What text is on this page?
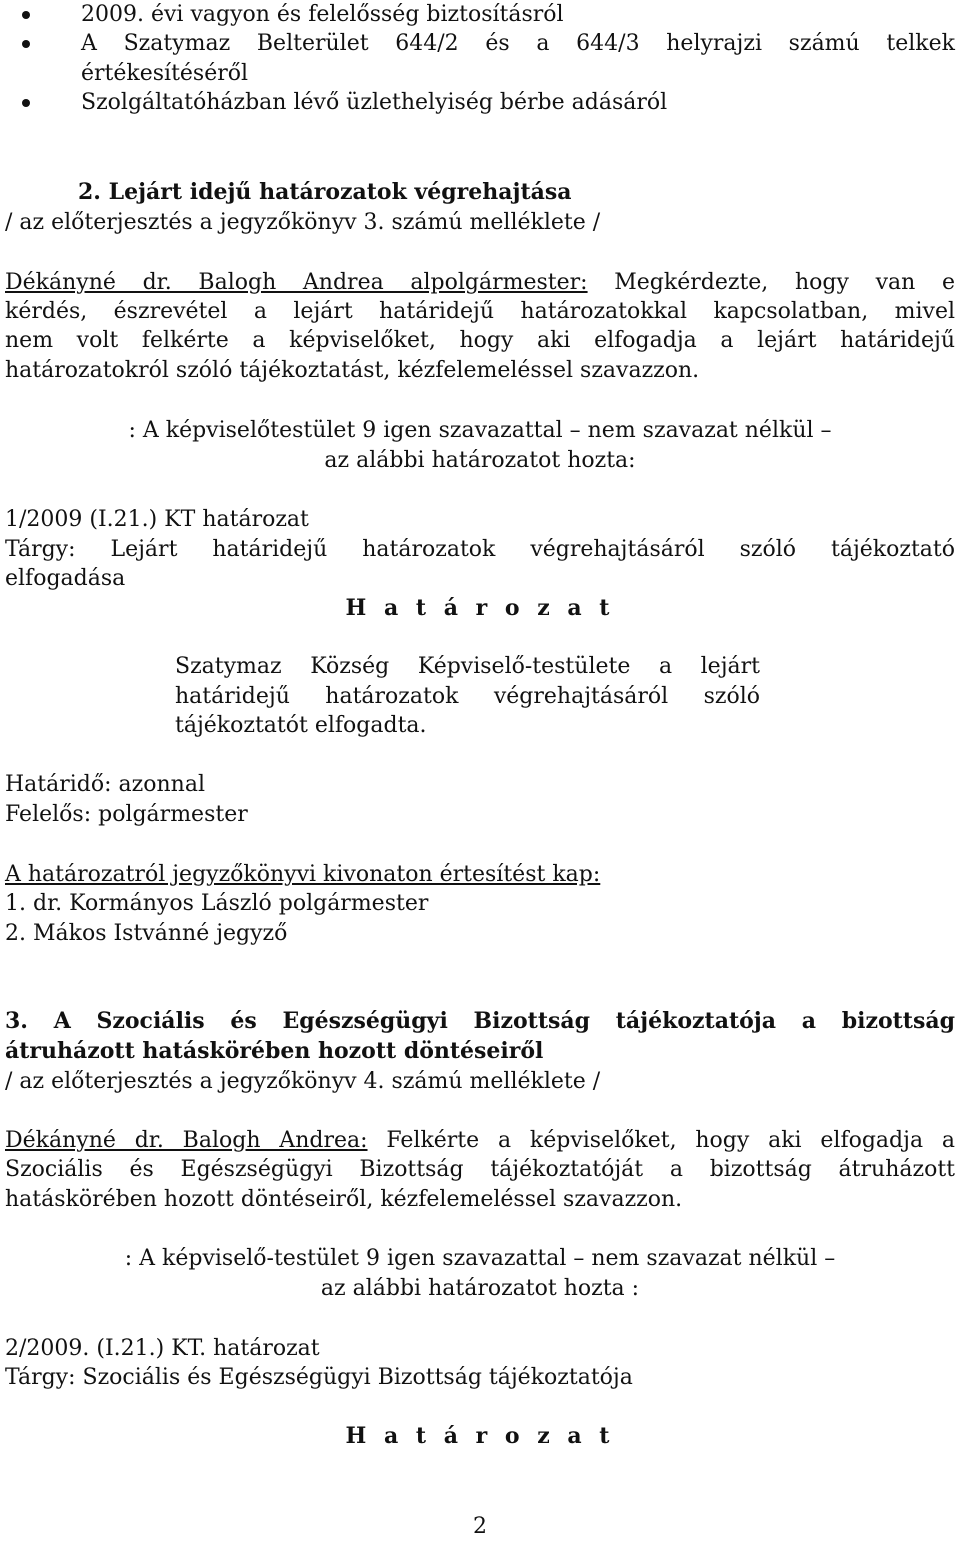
2009. évi vagyon és felelősség biztosításról
A Szatymaz Belterület 644/2 és a 644/3 helyrajzi számú telkek
értékesítéséről
Szolgáltatóházban lévő üzlethelyiség bérbe adásáról
2. Lejárt idejű határozatok végrehajtása
/ az előterjesztés a jegyzőkönyv 3. számú melléklete /
Dékányné dr. Balogh Andrea alpolgármester: Megkérdezte, hogy van e
kérdés, észrevétel a lejárt határidejű határozatokkal kapcsolatban, mivel
nem volt felkérte a képviselőket, hogy aki elfogadja a lejárt határidejű
határozatokról szóló tájékoztatást, kézfelemeléssel szavazzon.
: A képviselőtestület 9 igen szavazattal – nem szavazat nélkül –
az alábbi határozatot hozta:
1/2009 (I.21.) KT határozat
Tárgy: Lejárt határidejű határozatok végrehajtásáról szóló tájékoztató
elfogadása
H a t á r o z a t
Szatymaz Község Képviselő-testülete a lejárt
határidejű határozatok végrehajtásáról szóló
tájékoztatót elfogadta.
Határidő: azonnal
Felelős: polgármester
A határozatról jegyzőkönyvi kivonaton értesítést kap:
1. dr. Kormányos László polgármester
2. Mákos Istvánné jegyző
3. A Szociális és Egészségügyi Bizottság tájékoztatója a bizottság
átruházott hatáskörében hozott döntéseiről
/ az előterjesztés a jegyzőkönyv 4. számú melléklete /
Dékányné dr. Balogh Andrea: Felkérte a képviselőket, hogy aki elfogadja a
Szociális és Egészségügyi Bizottság tájékoztatóját a bizottság átruházott
hatáskörében hozott döntéseiről, kézfelemeléssel szavazzon.
: A képviselő-testület 9 igen szavazattal – nem szavazat nélkül –
az alábbi határozatot hozta :
2/2009. (I.21.) KT. határozat
Tárgy: Szociális és Egészségügyi Bizottság tájékoztatója
H a t á r o z a t
2
